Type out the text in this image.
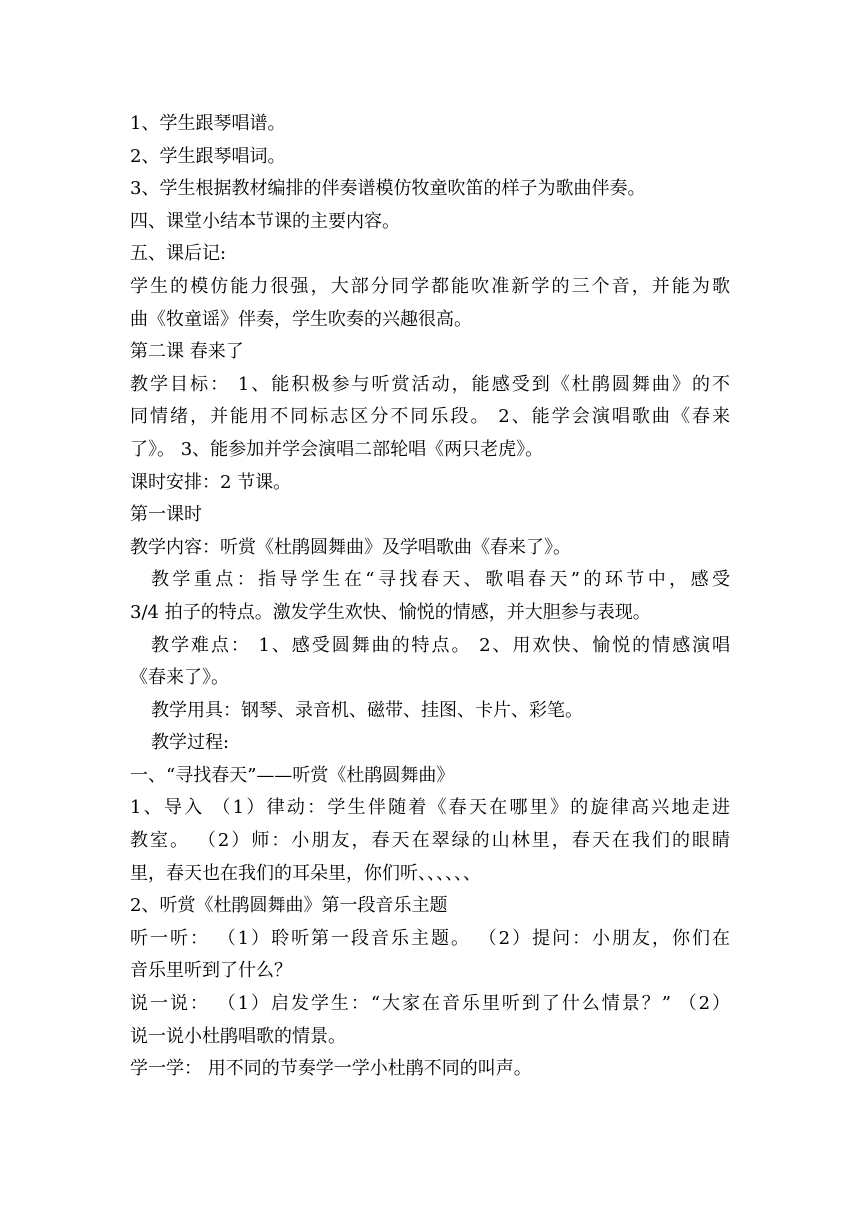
1、学生跟琴唱谱。
2、学生跟琴唱词。
3、学生根据教材编排的伴奏谱模仿牧童吹笛的样子为歌曲伴奏。
四、课堂小结本节课的主要内容。
五、课后记:
学生的模仿能力很强，大部分同学都能吹准新学的三个音，并能为歌
曲《牧童谣》伴奏，学生吹奏的兴趣很高。
第二课 春来了
教学目标： 1、能积极参与听赏活动，能感受到《杜鹃圆舞曲》的不
同情绪，并能用不同标志区分不同乐段。 2、能学会演唱歌曲《春来
了》。 3、能参加并学会演唱二部轮唱《两只老虎》。
课时安排：2 节课。
第一课时
教学内容：听赏《杜鹃圆舞曲》及学唱歌曲《春来了》。
教学重点：指导学生在“寻找春天、歌唱春天”的环节中，感受
3/4 拍子的特点。激发学生欢快、愉悦的情感，并大胆参与表现。
教学难点： 1、感受圆舞曲的特点。 2、用欢快、愉悦的情感演唱
《春来了》。
教学用具：钢琴、录音机、磁带、挂图、卡片、彩笔。
教学过程:
一、“寻找春天”——听赏《杜鹃圆舞曲》
1、导入 （1）律动：学生伴随着《春天在哪里》的旋律高兴地走进
教室。 （2）师：小朋友，春天在翠绿的山林里，春天在我们的眼睛
里，春天也在我们的耳朵里，你们听、、、、、、
2、听赏《杜鹃圆舞曲》第一段音乐主题
听一听： （1）聆听第一段音乐主题。 （2）提问：小朋友，你们在
音乐里听到了什么？
说一说： （1）启发学生：“大家在音乐里听到了什么情景？” （2）
说一说小杜鹃唱歌的情景。
学一学： 用不同的节奏学一学小杜鹃不同的叫声。
